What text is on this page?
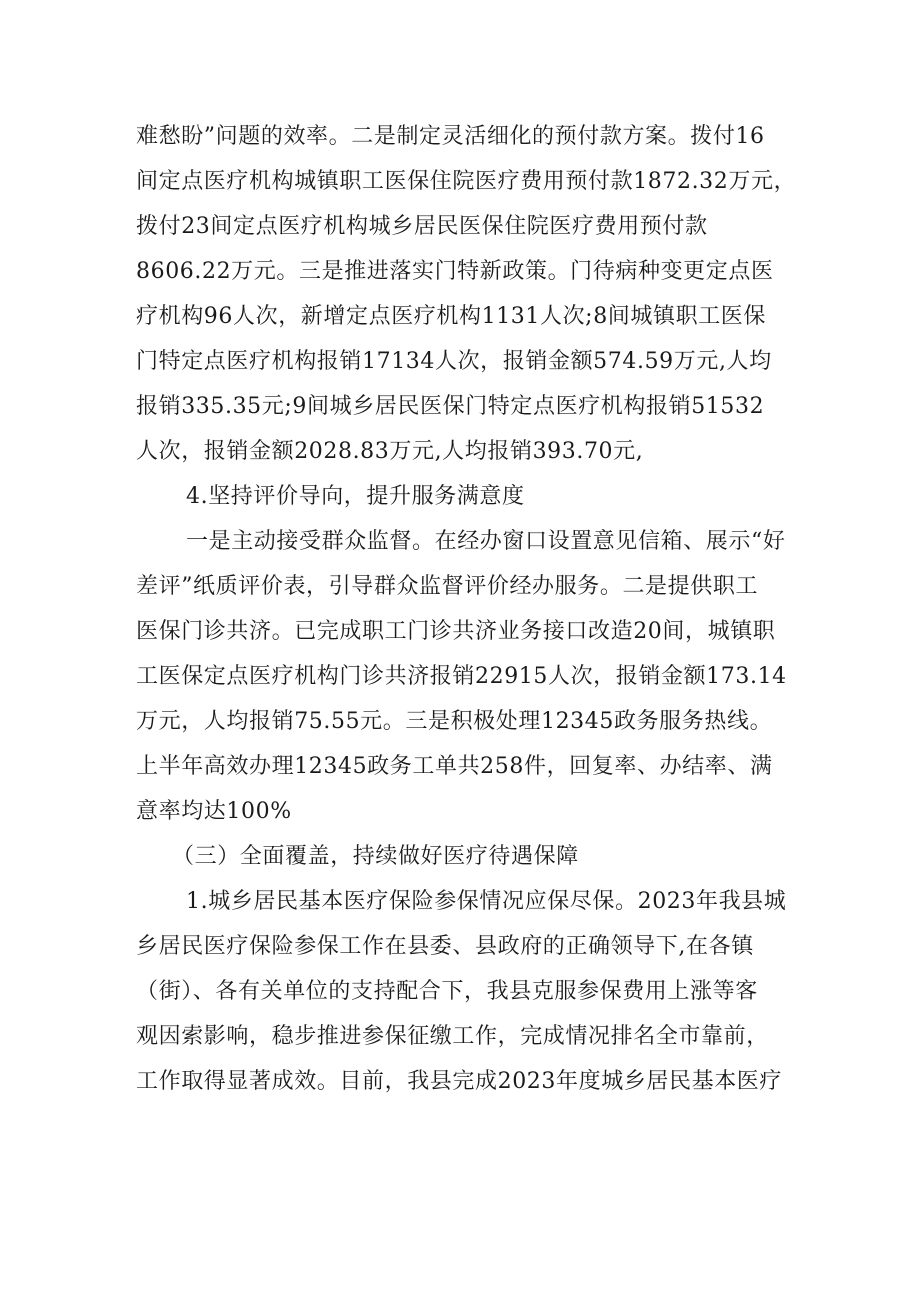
难愁盼”问题的效率。二是制定灵活细化的预付款方案。拨付16
间定点医疗机构城镇职工医保住院医疗费用预付款1872.32万元，
拨付23间定点医疗机构城乡居民医保住院医疗费用预付款
8606.22万元。三是推进落实门特新政策。门待病种变更定点医
疗机构96人次，新增定点医疗机构1131人次;8间城镇职工医保
门特定点医疗机构报销17134人次，报销金额574.59万元,人均
报销335.35元;9间城乡居民医保门特定点医疗机构报销51532
人次，报销金额2028.83万元,人均报销393.70元,
4.坚持评价导向，提升服务满意度
一是主动接受群众监督。在经办窗口设置意见信箱、展示“好
差评”纸质评价表，引导群众监督评价经办服务。二是提供职工
医保门诊共济。已完成职工门诊共济业务接口改造20间，城镇职
工医保定点医疗机构门诊共济报销22915人次，报销金额173.14
万元，人均报销75.55元。三是积极处理12345政务服务热线。
上半年高效办理12345政务工单共258件，回复率、办结率、满
意率均达100%
（三）全面覆盖，持续做好医疗待遇保障
1.城乡居民基本医疗保险参保情况应保尽保。2023年我县城
乡居民医疗保险参保工作在县委、县政府的正确领导下,在各镇
（街）、各有关单位的支持配合下，我县克服参保费用上涨等客
观因索影响，稳步推进参保征缴工作，完成情况排名全市靠前，
工作取得显著成效。目前，我县完成2023年度城乡居民基本医疗
